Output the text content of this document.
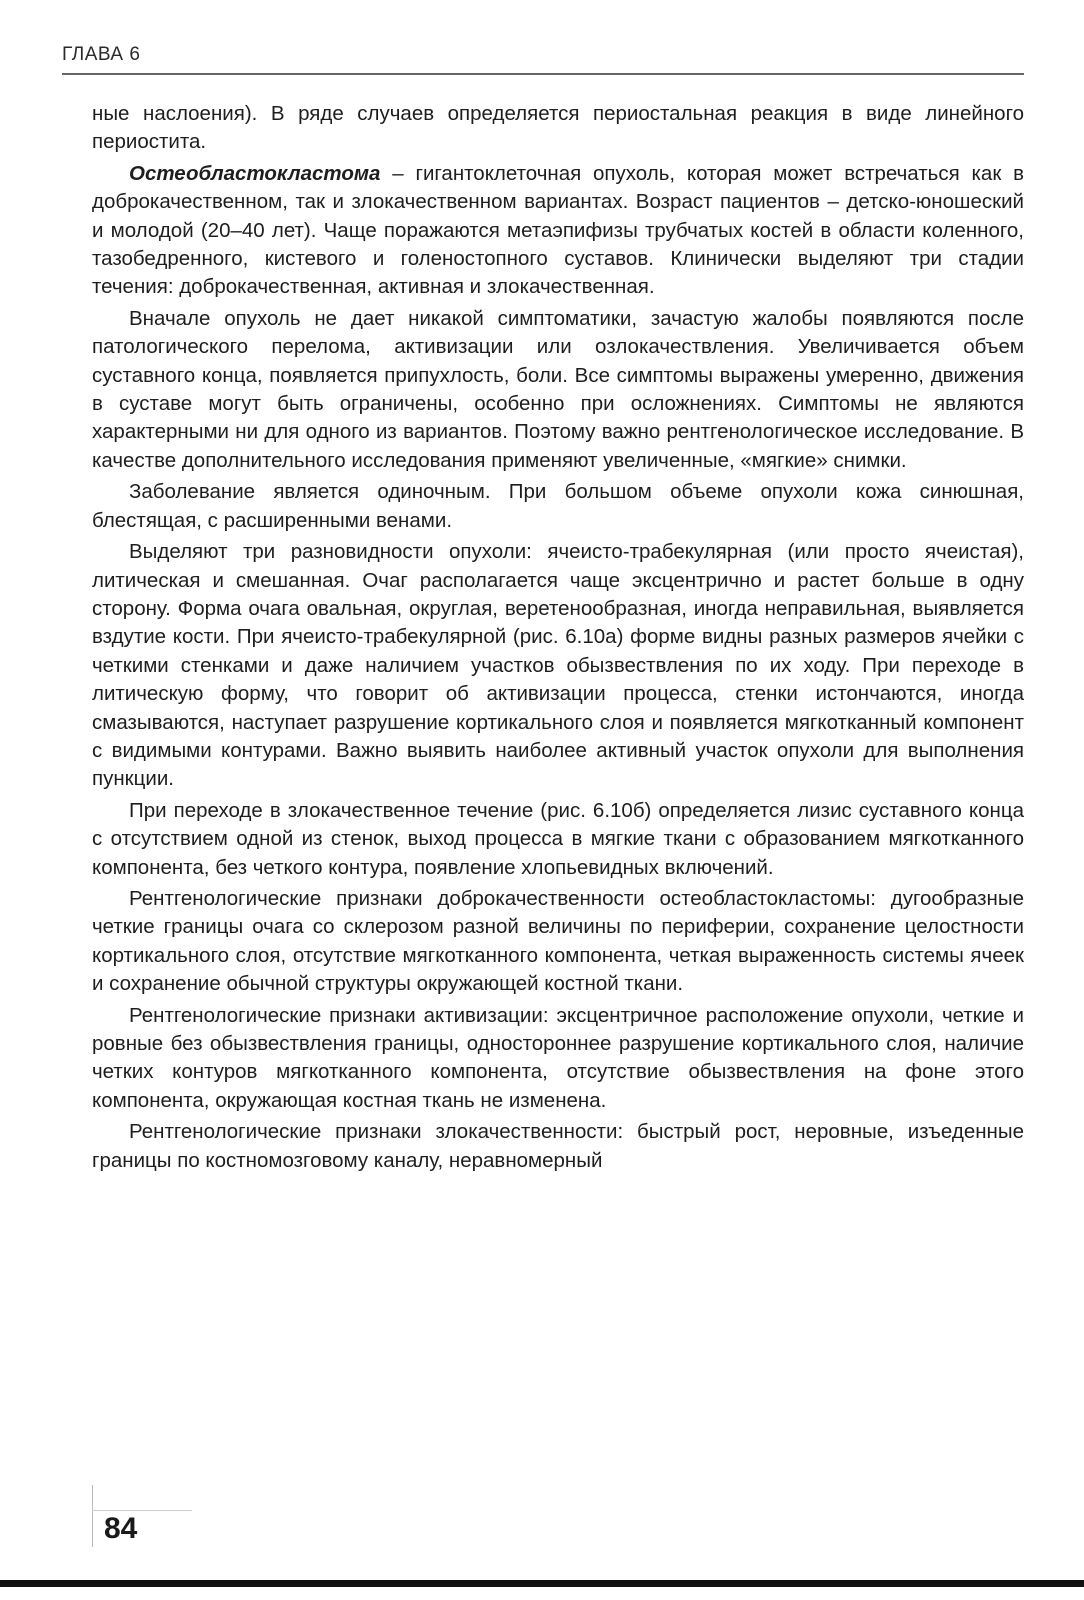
ГЛАВА 6

ные наслоения). В ряде случаев определяется периостальная реакция в виде линейного периостита.

Остеобластокластома – гигантоклеточная опухоль, которая может встречаться как в доброкачественном, так и злокачественном вариантах. Возраст пациентов – детско-юношеский и молодой (20–40 лет). Чаще поражаются метаэпифизы трубчатых костей в области коленного, тазобедренного, кистевого и голеностопного суставов. Клинически выделяют три стадии течения: доброкачественная, активная и злокачественная.

Вначале опухоль не дает никакой симптоматики, зачастую жалобы появляются после патологического перелома, активизации или озлокачествления. Увеличивается объем суставного конца, появляется припухлость, боли. Все симптомы выражены умеренно, движения в суставе могут быть ограничены, особенно при осложнениях. Симптомы не являются характерными ни для одного из вариантов. Поэтому важно рентгенологическое исследование. В качестве дополнительного исследования применяют увеличенные, «мягкие» снимки.

Заболевание является одиночным. При большом объеме опухоли кожа синюшная, блестящая, с расширенными венами.

Выделяют три разновидности опухоли: ячеисто-трабекулярная (или просто ячеистая), литическая и смешанная. Очаг располагается чаще эксцентрично и растет больше в одну сторону. Форма очага овальная, округлая, веретенообразная, иногда неправильная, выявляется вздутие кости. При ячеисто-трабекулярной (рис. 6.10а) форме видны разных размеров ячейки с четкими стенками и даже наличием участков обызвествления по их ходу. При переходе в литическую форму, что говорит об активизации процесса, стенки истончаются, иногда смазываются, наступает разрушение кортикального слоя и появляется мягкотканный компонент с видимыми контурами. Важно выявить наиболее активный участок опухоли для выполнения пункции.

При переходе в злокачественное течение (рис. 6.10б) определяется лизис суставного конца с отсутствием одной из стенок, выход процесса в мягкие ткани с образованием мягкотканного компонента, без четкого контура, появление хлопьевидных включений.

Рентгенологические признаки доброкачественности остеобластокластомы: дугообразные четкие границы очага со склерозом разной величины по периферии, сохранение целостности кортикального слоя, отсутствие мягкотканного компонента, четкая выраженность системы ячеек и сохранение обычной структуры окружающей костной ткани.

Рентгенологические признаки активизации: эксцентричное расположение опухоли, четкие и ровные без обызвествления границы, одностороннее разрушение кортикального слоя, наличие четких контуров мягкотканного компонента, отсутствие обызвествления на фоне этого компонента, окружающая костная ткань не изменена.

Рентгенологические признаки злокачественности: быстрый рост, неровные, изъеденные границы по костномозговому каналу, неравномерный

84
